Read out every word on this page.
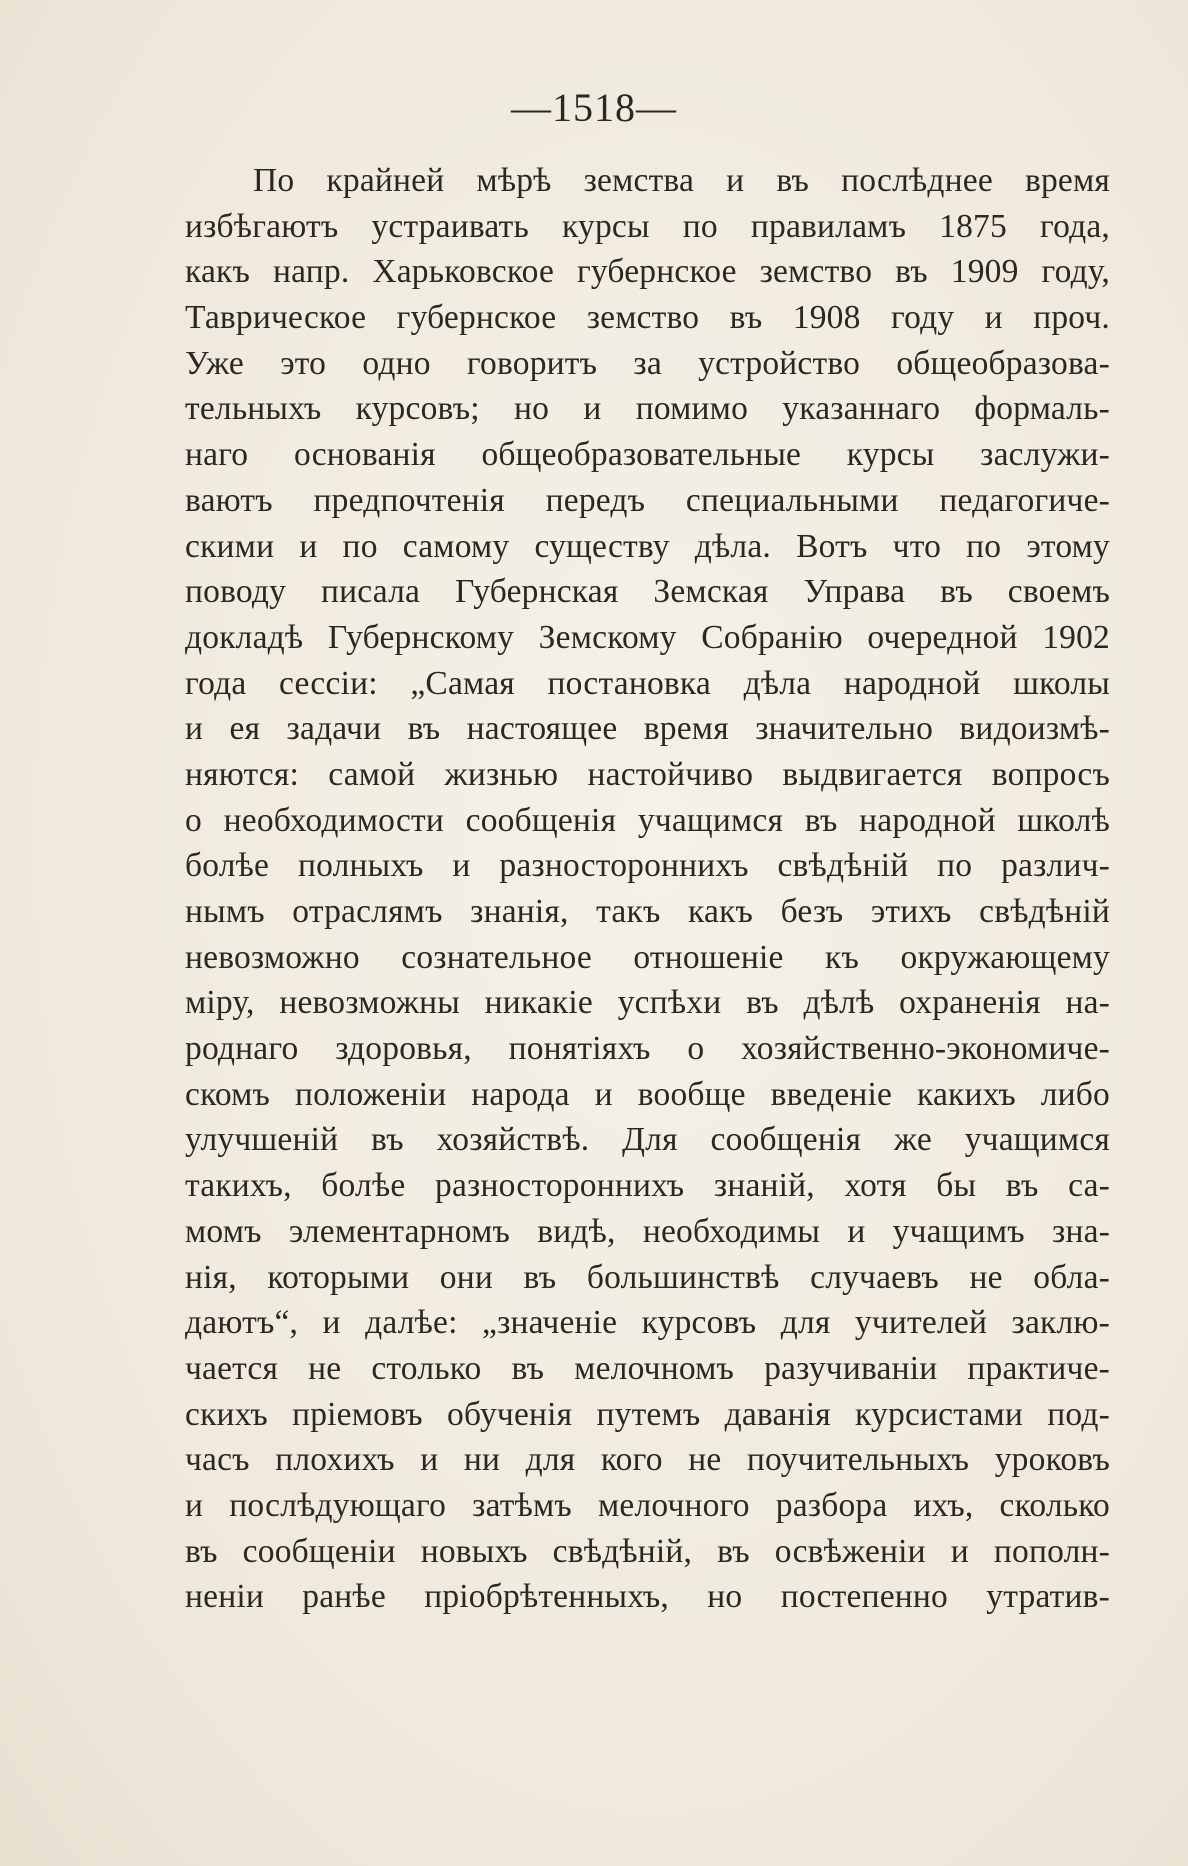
—1518—
По крайней мѣрѣ земства и въ послѣднее время
избѣгаютъ устраивать курсы по правиламъ 1875 года,
какъ напр. Харьковское губернское земство въ 1909 году,
Таврическое губернское земство въ 1908 году и проч.
Уже это одно говоритъ за устройство общеобразова-
тельныхъ курсовъ; но и помимо указаннаго формаль-
наго основанія общеобразовательные курсы заслужи-
ваютъ предпочтенія передъ специальными педагогиче-
скими и по самому существу дѣла. Вотъ что по этому
поводу писала Губернская Земская Управа въ своемъ
докладѣ Губернскому Земскому Собранію очередной 1902
года сессіи: „Самая постановка дѣла народной школы
и ея задачи въ настоящее время значительно видоизмѣ-
няются: самой жизнью настойчиво выдвигается вопросъ
о необходимости сообщенія учащимся въ народной школѣ
болѣе полныхъ и разностороннихъ свѣдѣній по различ-
нымъ отраслямъ знанія, такъ какъ безъ этихъ свѣдѣній
невозможно сознательное отношеніе къ окружающему
міру, невозможны никакіе успѣхи въ дѣлѣ охраненія на-
роднаго здоровья, понятіяхъ о хозяйственно-экономиче-
скомъ положеніи народа и вообще введеніе какихъ либо
улучшеній въ хозяйствѣ. Для сообщенія же учащимся
такихъ, болѣе разностороннихъ знаній, хотя бы въ са-
момъ элементарномъ видѣ, необходимы и учащимъ зна-
нія, которыми они въ большинствѣ случаевъ не обла-
даютъ“, и далѣе: „значеніе курсовъ для учителей заклю-
чается не столько въ мелочномъ разучиваніи практиче-
скихъ пріемовъ обученія путемъ даванія курсистами под-
часъ плохихъ и ни для кого не поучительныхъ уроковъ
и послѣдующаго затѣмъ мелочного разбора ихъ, сколько
въ сообщеніи новыхъ свѣдѣній, въ освѣженіи и пополн-
неніи ранѣе пріобрѣтенныхъ, но постепенно утратив-
